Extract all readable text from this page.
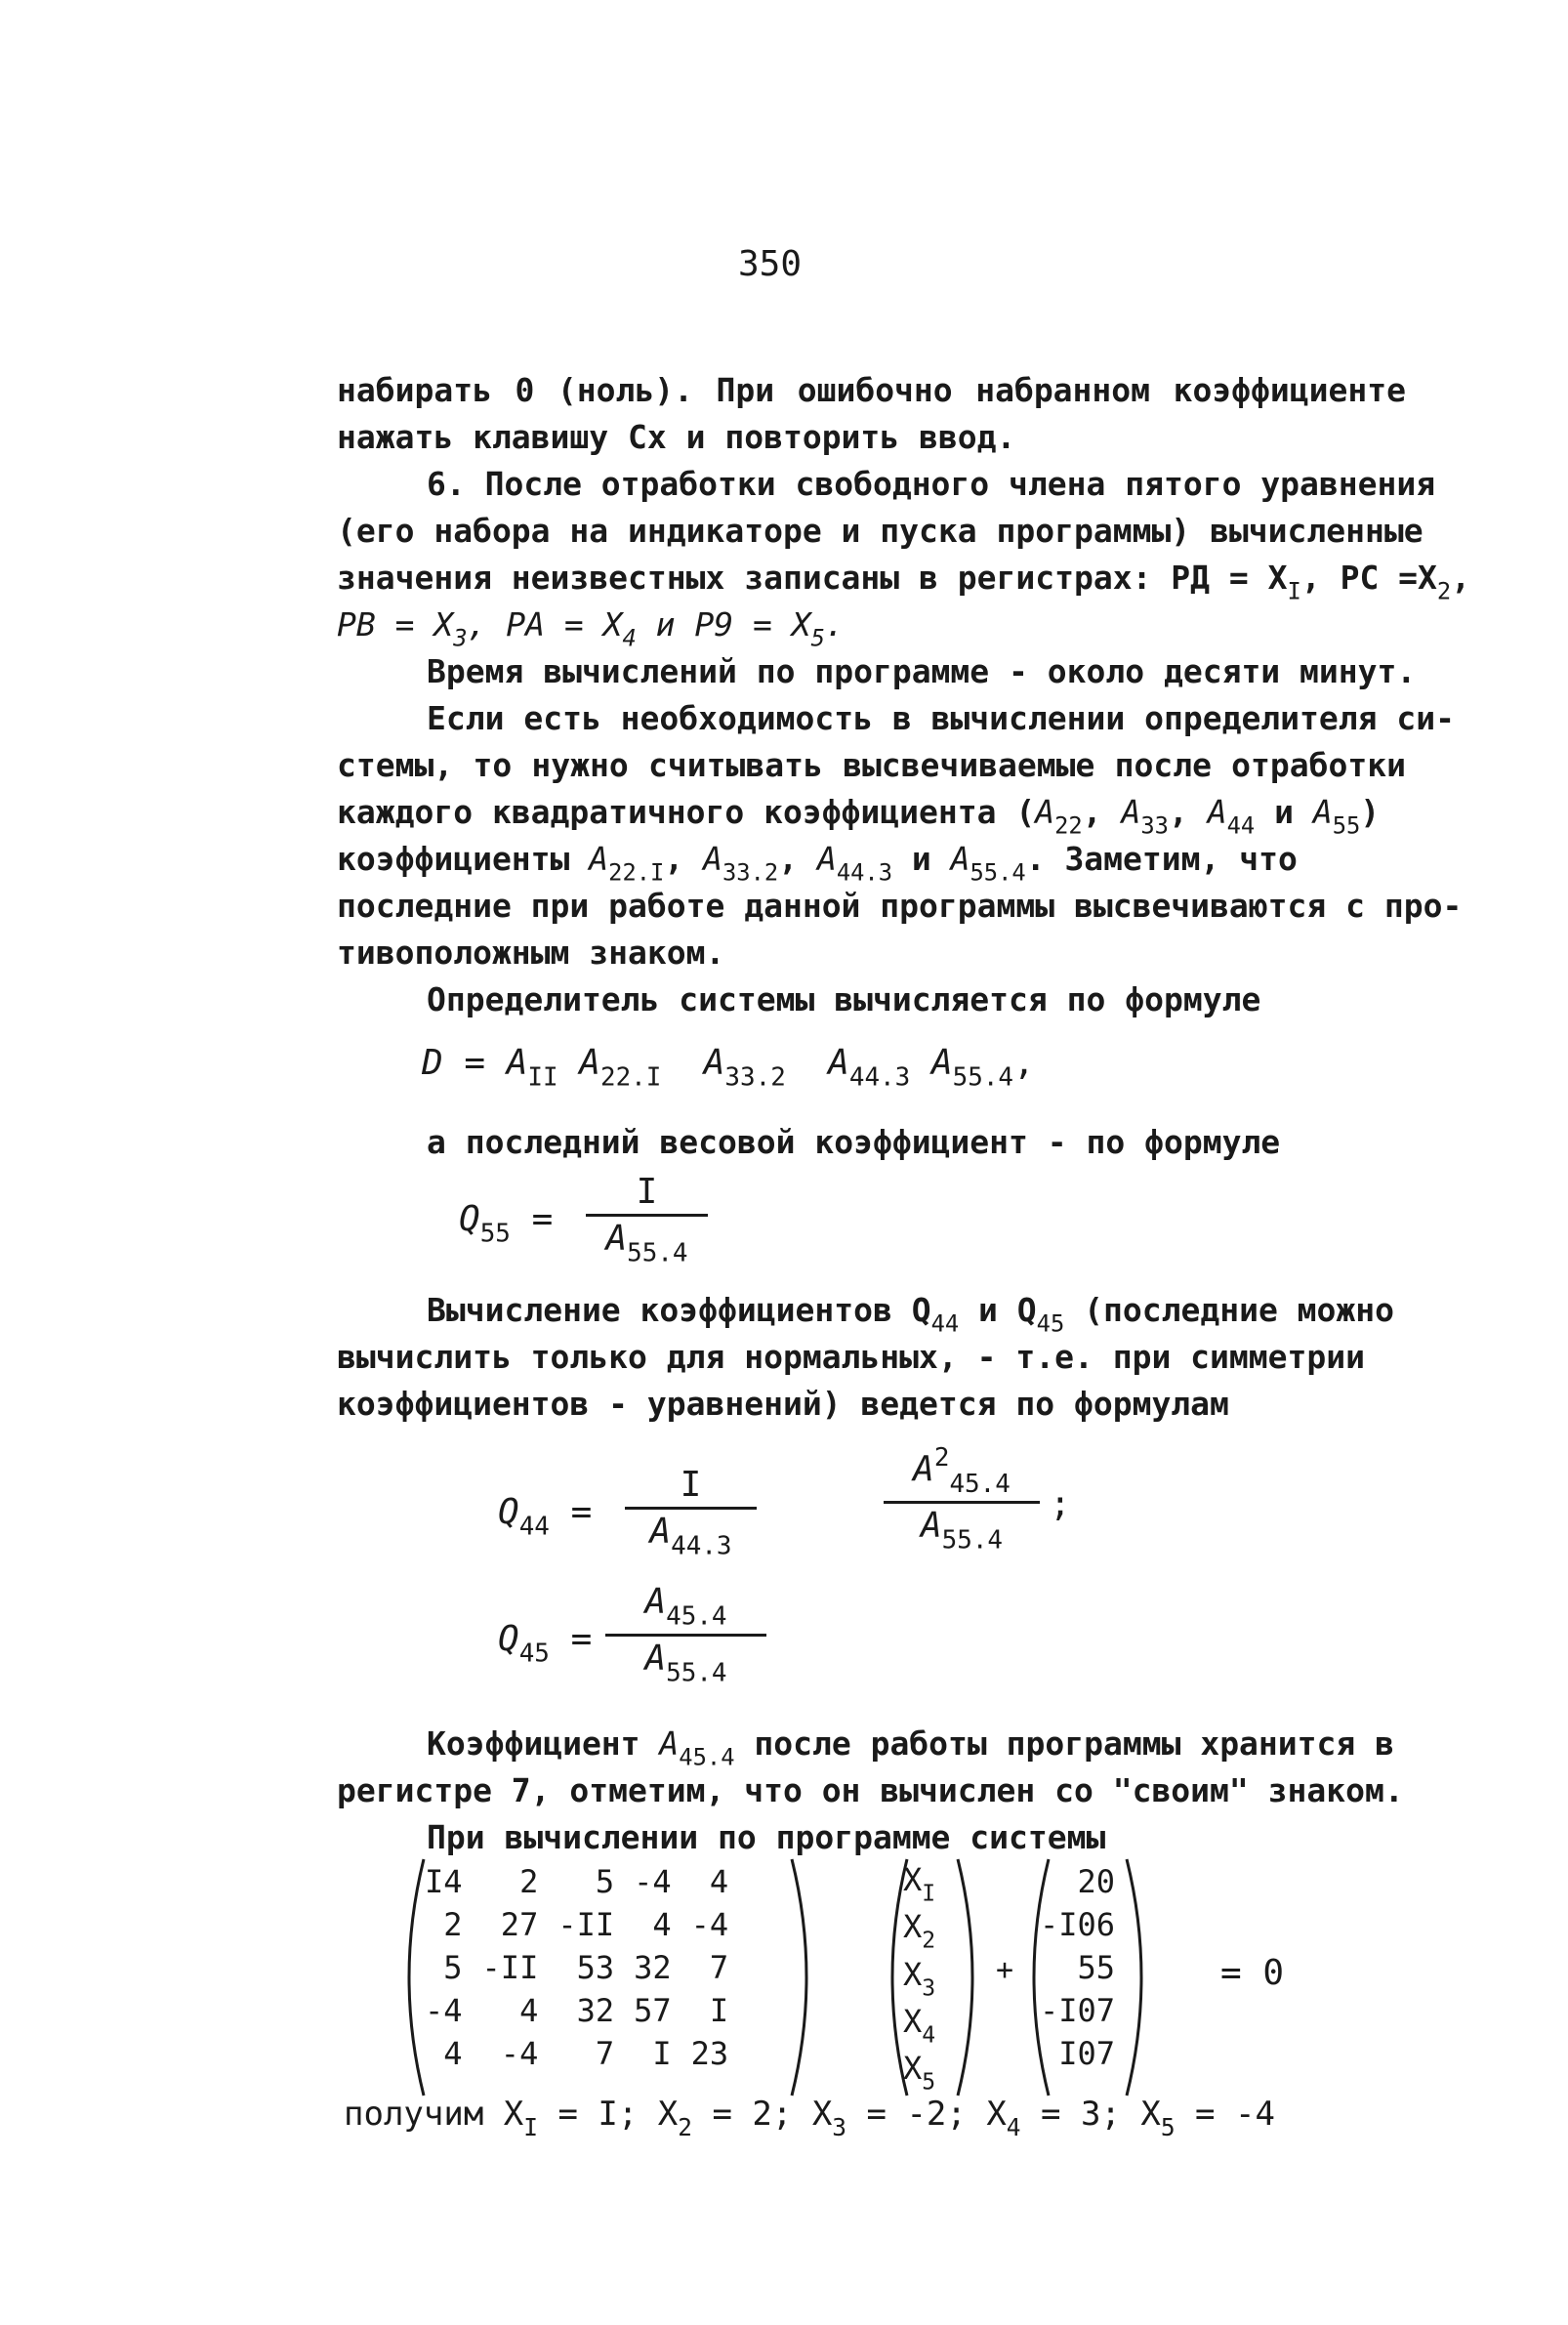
350
набирать 0 (ноль). При ошибочно набранном коэффициенте
нажать клавишу Сх и повторить ввод.
6. После отработки свободного члена пятого уравнения
(его набора на индикаторе и пуска программы) вычисленные
значения неизвестных записаны в регистрах: РД = $X_I$, РС $=X_2$,
РВ = $X_3$, РА = $X_4$ и $Р9 = X_5$.
Время вычислений по программе - около десяти минут.
Если есть необходимость в вычислении определителя си-
стемы, то нужно считывать высвечиваемые после отработки
каждого квадратичного коэффициента ($A_{22}$, $A_{33}$, $A_{44}$ и $A_{55}$)
коэффициенты $A_{22.I}$, $A_{33.2}$, $A_{44.3}$ и $A_{55.4}$. Заметим, что
последние при работе данной программы высвечиваются с про-
тивоположным знаком.
Определитель системы вычисляется по формуле
$D = A_{II}$ $A_{22.I}$ $A_{33.2}$ $A_{44.3}$ $A_{55.4}$,
а последний весовой коэффициент - по формуле
$Q_{55}$ =
I
$A_{55.4}$
Вычисление коэффициентов $Q_{44}$ и $Q_{45}$ (последние можно
вычислить только для нормальных, - т.е. при симметрии
коэффициентов - уравнений) ведется по формулам
$Q_{44}$ =
I
$A_{44.3}$
$A^2_{45.4}$
$A_{55.4}$
;
$Q_{45}$ =
$A_{45.4}$
$A_{55.4}$
Коэффициент $A_{45.4}$ после работы программы хранится в
регистре 7, отметим, что он вычислен со "своим" знаком.
При вычислении по программе системы
I4	2	5	-4	4
2	27	-II	4	-4
5	-II	53	32	7
-4	4	32	57	I
4	-4	7	I	23
$X_I$
$X_2$
$X_3$
$X_4$
$X_5$
+
20
-I06
55
-I07
I07
= 0
получим $X_I = I$; $X_2 = 2$; $X_3 = -2$; $X_4 = 3$; $X_5 = -4$
